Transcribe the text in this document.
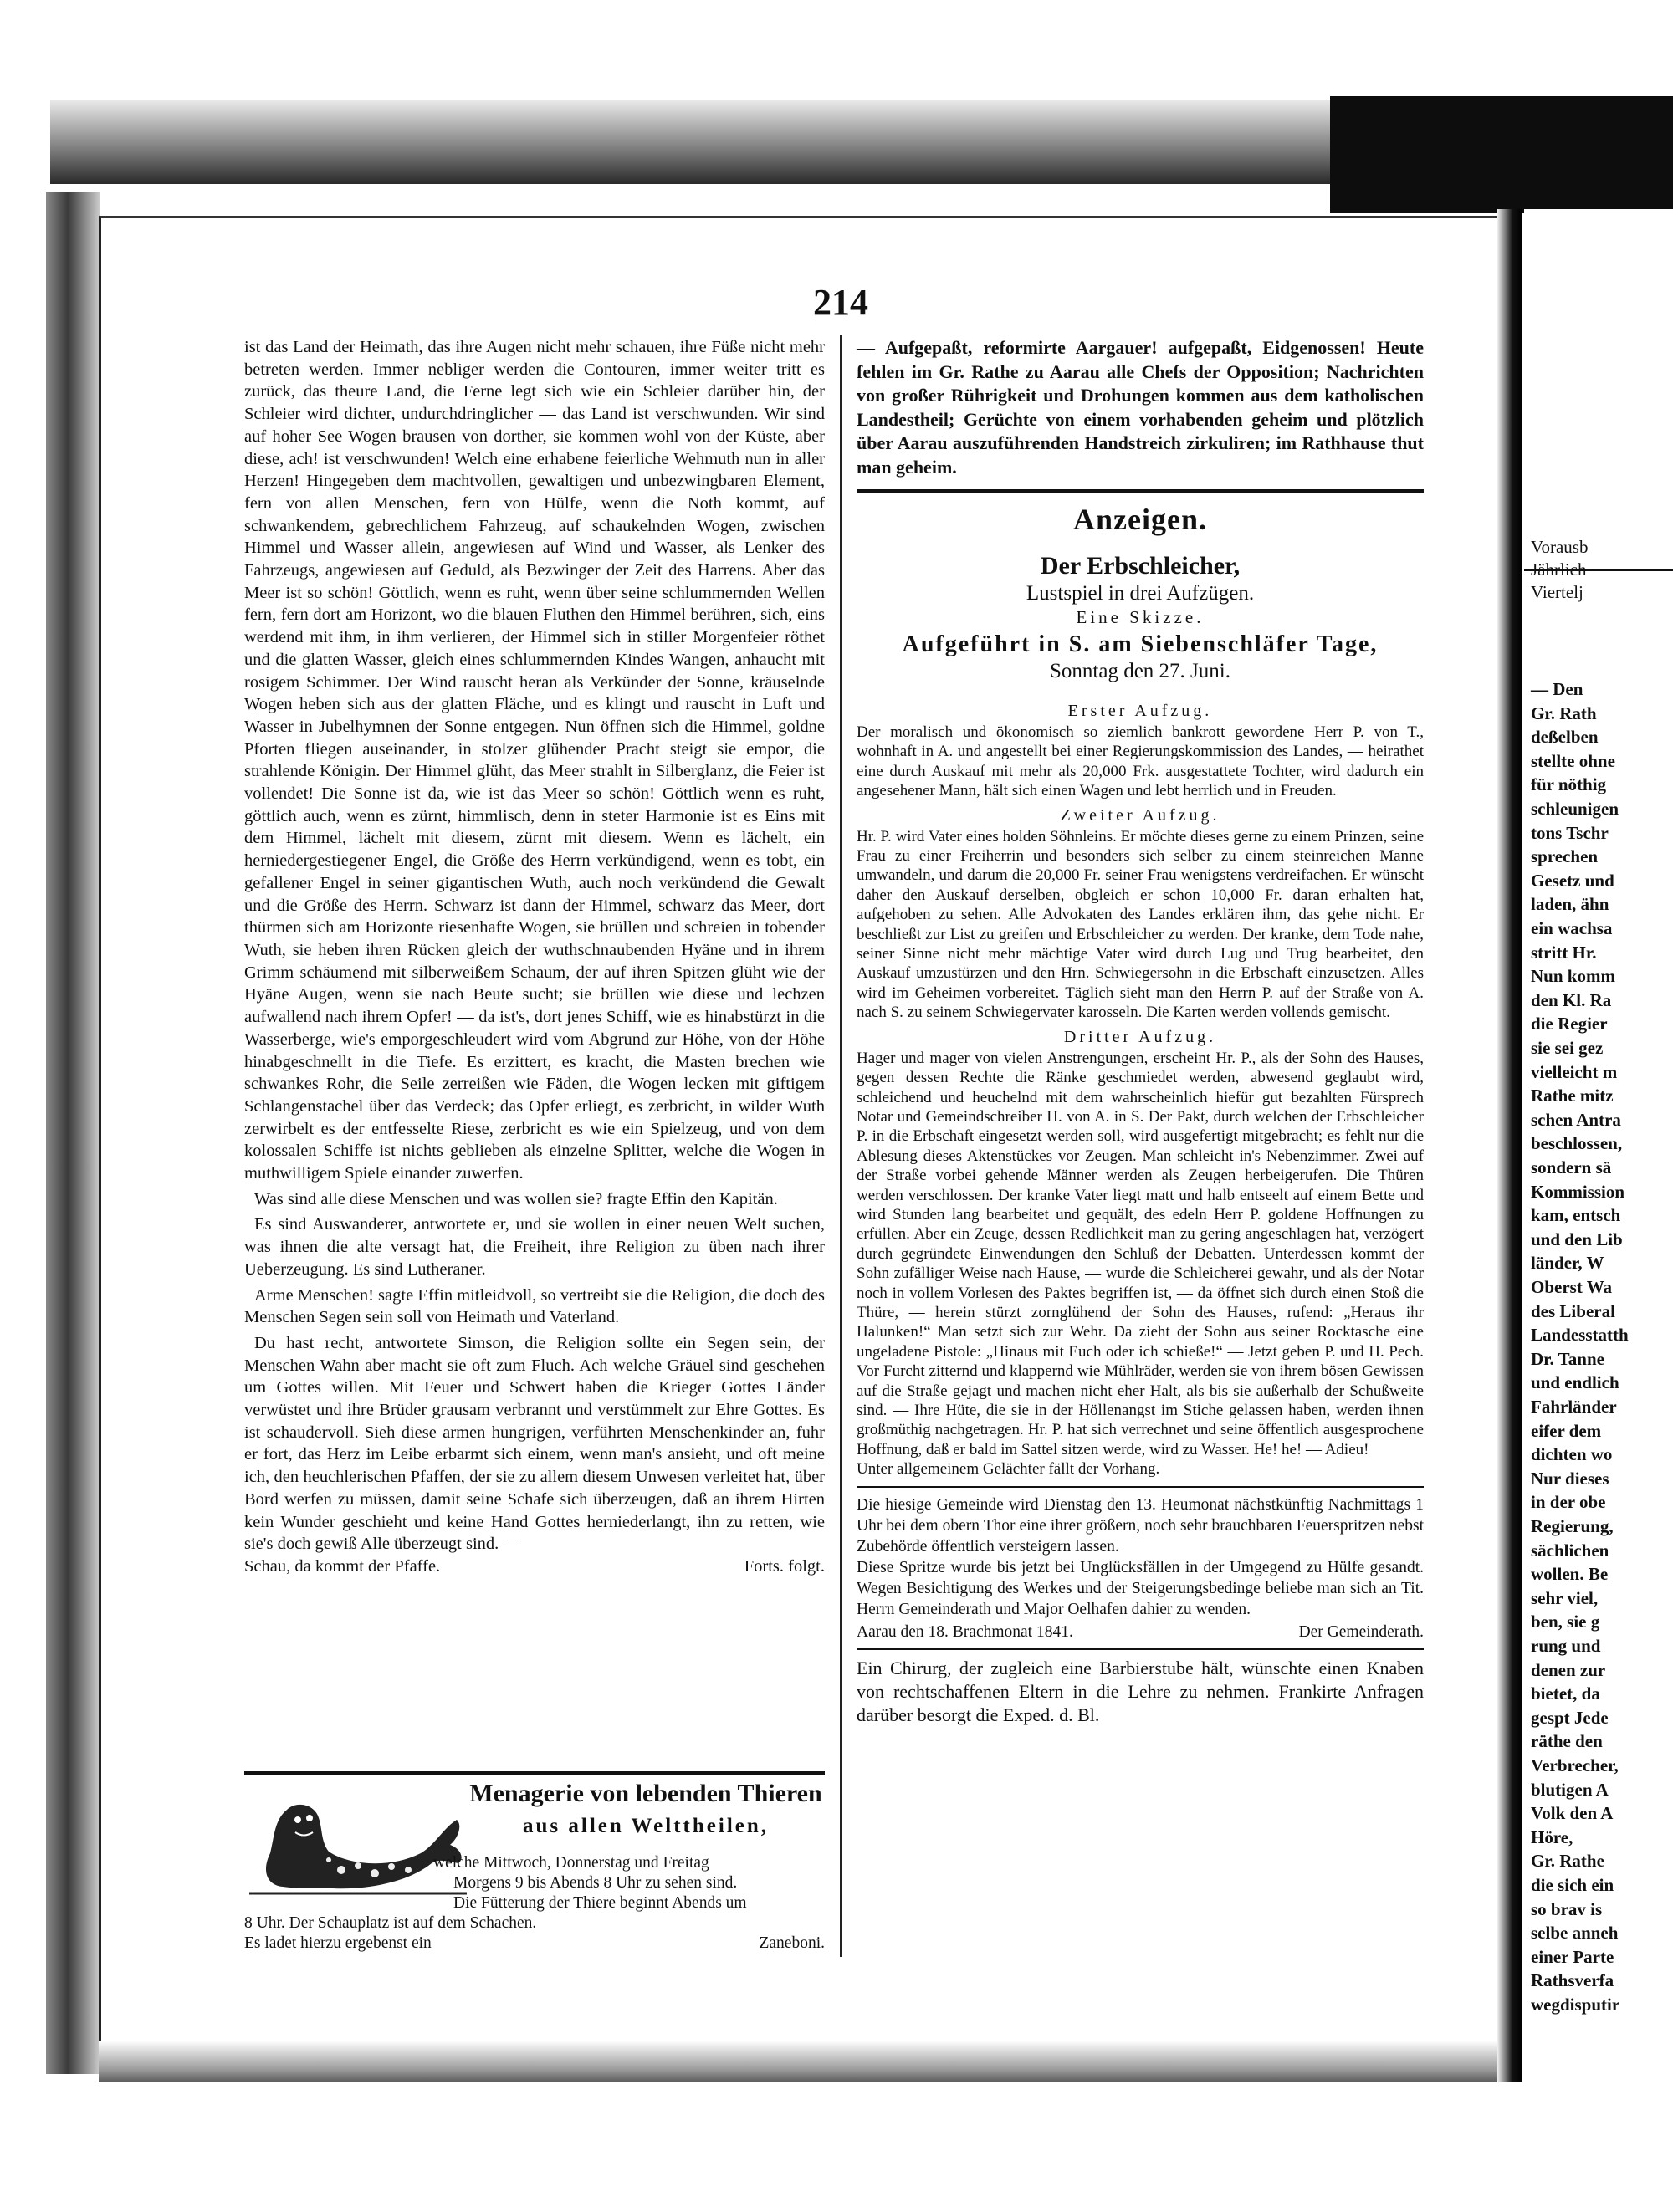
Vorausb
Jährlich
Viertelj
— Den
Gr. Rath
deßelben
stellte ohne
für nöthig
schleunigen
tons Tschr
sprechen
Gesetz und
laden, ähn
ein wachsa
stritt Hr.
Nun komm
den Kl. Ra
die Regier
sie sei gez
vielleicht m
Rathe mitz
schen Antra
beschlossen,
sondern sä
Kommission
kam, entsch
und den Lib
länder, W
Oberst Wa
des Liberal
Landesstatth
Dr. Tanne
und endlich
Fahrländer
eifer dem
dichten wo
Nur dieses
in der obe
Regierung,
sächlichen
wollen. Be
sehr viel,
ben, sie g
rung und
denen zur
bietet, da
gespt Jede
räthe den
Verbrecher,
blutigen A
Volk den A
Höre,
Gr. Rathe
die sich ein
so brav is
selbe anneh
einer Parte
Rathsverfa
wegdisputir
214

ist das Land der Heimath, das ihre Augen nicht mehr schauen, ihre Füße nicht mehr betreten werden. Immer nebliger werden die Contouren, immer weiter tritt es zurück, das theure Land, die Ferne legt sich wie ein Schleier darüber hin, der Schleier wird dichter, undurchdringlicher — das Land ist verschwunden. Wir sind auf hoher See Wogen brausen von dorther, sie kommen wohl von der Küste, aber diese, ach! ist verschwunden! Welch eine erhabene feierliche Wehmuth nun in aller Herzen! Hingegeben dem machtvollen, gewaltigen und unbezwingbaren Element, fern von allen Menschen, fern von Hülfe, wenn die Noth kommt, auf schwankendem, gebrechlichem Fahrzeug, auf schaukelnden Wogen, zwischen Himmel und Wasser allein, angewiesen auf Wind und Wasser, als Lenker des Fahrzeugs, angewiesen auf Geduld, als Bezwinger der Zeit des Harrens. Aber das Meer ist so schön! Göttlich, wenn es ruht, wenn über seine schlummernden Wellen fern, fern dort am Horizont, wo die blauen Fluthen den Himmel berühren, sich, eins werdend mit ihm, in ihm verlieren, der Himmel sich in stiller Morgenfeier röthet und die glatten Wasser, gleich eines schlummernden Kindes Wangen, anhaucht mit rosigem Schimmer. Der Wind rauscht heran als Verkünder der Sonne, kräuselnde Wogen heben sich aus der glatten Fläche, und es klingt und rauscht in Luft und Wasser in Jubelhymnen der Sonne entgegen. Nun öffnen sich die Himmel, goldne Pforten fliegen auseinander, in stolzer glühender Pracht steigt sie empor, die strahlende Königin. Der Himmel glüht, das Meer strahlt in Silberglanz, die Feier ist vollendet! Die Sonne ist da, wie ist das Meer so schön! Göttlich wenn es ruht, göttlich auch, wenn es zürnt, himmlisch, denn in steter Harmonie ist es Eins mit dem Himmel, lächelt mit diesem, zürnt mit diesem. Wenn es lächelt, ein herniedergestiegener Engel, die Größe des Herrn verkündigend, wenn es tobt, ein gefallener Engel in seiner gigantischen Wuth, auch noch verkündend die Gewalt und die Größe des Herrn. Schwarz ist dann der Himmel, schwarz das Meer, dort thürmen sich am Horizonte riesenhafte Wogen, sie brüllen und schreien in tobender Wuth, sie heben ihren Rücken gleich der wuthschnaubenden Hyäne und in ihrem Grimm schäumend mit silberweißem Schaum, der auf ihren Spitzen glüht wie der Hyäne Augen, wenn sie nach Beute sucht; sie brüllen wie diese und lechzen aufwallend nach ihrem Opfer! — da ist's, dort jenes Schiff, wie es hinabstürzt in die Wasserberge, wie's emporgeschleudert wird vom Abgrund zur Höhe, von der Höhe hinabgeschnellt in die Tiefe. Es erzittert, es kracht, die Masten brechen wie schwankes Rohr, die Seile zerreißen wie Fäden, die Wogen lecken mit giftigem Schlangenstachel über das Verdeck; das Opfer erliegt, es zerbricht, in wilder Wuth zerwirbelt es der entfesselte Riese, zerbricht es wie ein Spielzeug, und von dem kolossalen Schiffe ist nichts geblieben als einzelne Splitter, welche die Wogen in muthwilligem Spiele einander zuwerfen.

Was sind alle diese Menschen und was wollen sie? fragte Effin den Kapitän.

Es sind Auswanderer, antwortete er, und sie wollen in einer neuen Welt suchen, was ihnen die alte versagt hat, die Freiheit, ihre Religion zu üben nach ihrer Ueberzeugung. Es sind Lutheraner.

Arme Menschen! sagte Effin mitleidvoll, so vertreibt sie die Religion, die doch des Menschen Segen sein soll von Heimath und Vaterland.

Du hast recht, antwortete Simson, die Religion sollte ein Segen sein, der Menschen Wahn aber macht sie oft zum Fluch. Ach welche Gräuel sind geschehen um Gottes willen. Mit Feuer und Schwert haben die Krieger Gottes Länder verwüstet und ihre Brüder grausam verbrannt und verstümmelt zur Ehre Gottes. Es ist schaudervoll. Sieh diese armen hungrigen, verführten Menschenkinder an, fuhr er fort, das Herz im Leibe erbarmt sich einem, wenn man's ansieht, und oft meine ich, den heuchlerischen Pfaffen, der sie zu allem diesem Unwesen verleitet hat, über Bord werfen zu müssen, damit seine Schafe sich überzeugen, daß an ihrem Hirten kein Wunder geschieht und keine Hand Gottes herniederlangt, ihn zu retten, wie sie's doch gewiß Alle überzeugt sind. —

Schau, da kommt der Pfaffe.	Forts. folgt.
Menagerie von lebenden Thieren
aus allen Welttheilen,
welche Mittwoch, Donnerstag und Freitag
Morgens 9 bis Abends 8 Uhr zu sehen sind.
Die Fütterung der Thiere beginnt Abends um
8 Uhr. Der Schauplatz ist auf dem Schachen.
Es ladet hierzu ergebenst ein	Zaneboni.

— Aufgepaßt, reformirte Aargauer! aufgepaßt, Eidgenossen! Heute fehlen im Gr. Rathe zu Aarau alle Chefs der Opposition; Nachrichten von großer Rührigkeit und Drohungen kommen aus dem katholischen Landestheil; Gerüchte von einem vorhabenden geheim und plötzlich über Aarau auszuführenden Handstreich zirkuliren; im Rathhause thut man geheim.

Anzeigen.
Der Erbschleicher,
Lustspiel in drei Aufzügen.
Eine Skizze.
Aufgeführt in S. am Siebenschläfer Tage,
Sonntag den 27. Juni.
Erster Aufzug.

Der moralisch und ökonomisch so ziemlich bankrott gewordene Herr P. von T., wohnhaft in A. und angestellt bei einer Regierungskommission des Landes, — heirathet eine durch Auskauf mit mehr als 20,000 Frk. ausgestattete Tochter, wird dadurch ein angesehener Mann, hält sich einen Wagen und lebt herrlich und in Freuden.

Zweiter Aufzug.

Hr. P. wird Vater eines holden Söhnleins. Er möchte dieses gerne zu einem Prinzen, seine Frau zu einer Freiherrin und besonders sich selber zu einem steinreichen Manne umwandeln, und darum die 20,000 Fr. seiner Frau wenigstens verdreifachen. Er wünscht daher den Auskauf derselben, obgleich er schon 10,000 Fr. daran erhalten hat, aufgehoben zu sehen. Alle Advokaten des Landes erklären ihm, das gehe nicht. Er beschließt zur List zu greifen und Erbschleicher zu werden. Der kranke, dem Tode nahe, seiner Sinne nicht mehr mächtige Vater wird durch Lug und Trug bearbeitet, den Auskauf umzustürzen und den Hrn. Schwiegersohn in die Erbschaft einzusetzen. Alles wird im Geheimen vorbereitet. Täglich sieht man den Herrn P. auf der Straße von A. nach S. zu seinem Schwiegervater karosseln. Die Karten werden vollends gemischt.

Dritter Aufzug.

Hager und mager von vielen Anstrengungen, erscheint Hr. P., als der Sohn des Hauses, gegen dessen Rechte die Ränke geschmiedet werden, abwesend geglaubt wird, schleichend und heuchelnd mit dem wahrscheinlich hiefür gut bezahlten Fürsprech Notar und Gemeindschreiber H. von A. in S. Der Pakt, durch welchen der Erbschleicher P. in die Erbschaft eingesetzt werden soll, wird ausgefertigt mitgebracht; es fehlt nur die Ablesung dieses Aktenstückes vor Zeugen. Man schleicht in's Nebenzimmer. Zwei auf der Straße vorbei gehende Männer werden als Zeugen herbeigerufen. Die Thüren werden verschlossen. Der kranke Vater liegt matt und halb entseelt auf einem Bette und wird Stunden lang bearbeitet und gequält, des edeln Herr P. goldene Hoffnungen zu erfüllen. Aber ein Zeuge, dessen Redlichkeit man zu gering angeschlagen hat, verzögert durch gegründete Einwendungen den Schluß der Debatten. Unterdessen kommt der Sohn zufälliger Weise nach Hause, — wurde die Schleicherei gewahr, und als der Notar noch in vollem Vorlesen des Paktes begriffen ist, — da öffnet sich durch einen Stoß die Thüre, — herein stürzt zornglühend der Sohn des Hauses, rufend: „Heraus ihr Halunken!“ Man setzt sich zur Wehr. Da zieht der Sohn aus seiner Rocktasche eine ungeladene Pistole: „Hinaus mit Euch oder ich schieße!“ — Jetzt geben P. und H. Pech. Vor Furcht zitternd und klappernd wie Mühlräder, werden sie von ihrem bösen Gewissen auf die Straße gejagt und machen nicht eher Halt, als bis sie außerhalb der Schußweite sind. — Ihre Hüte, die sie in der Höllenangst im Stiche gelassen haben, werden ihnen großmüthig nachgetragen. Hr. P. hat sich verrechnet und seine öffentlich ausgesprochene Hoffnung, daß er bald im Sattel sitzen werde, wird zu Wasser. He! he! — Adieu!

Unter allgemeinem Gelächter fällt der Vorhang.

Die hiesige Gemeinde wird Dienstag den 13. Heumonat nächstkünftig Nachmittags 1 Uhr bei dem obern Thor eine ihrer größern, noch sehr brauchbaren Feuerspritzen nebst Zubehörde öffentlich versteigern lassen.

Diese Spritze wurde bis jetzt bei Unglücksfällen in der Umgegend zu Hülfe gesandt. Wegen Besichtigung des Werkes und der Steigerungsbedinge beliebe man sich an Tit. Herrn Gemeinderath und Major Oelhafen dahier zu wenden.

Aarau den 18. Brachmonat 1841.	Der Gemeinderath.

Ein Chirurg, der zugleich eine Barbierstube hält, wünschte einen Knaben von rechtschaffenen Eltern in die Lehre zu nehmen. Frankirte Anfragen darüber besorgt die Exped. d. Bl.
